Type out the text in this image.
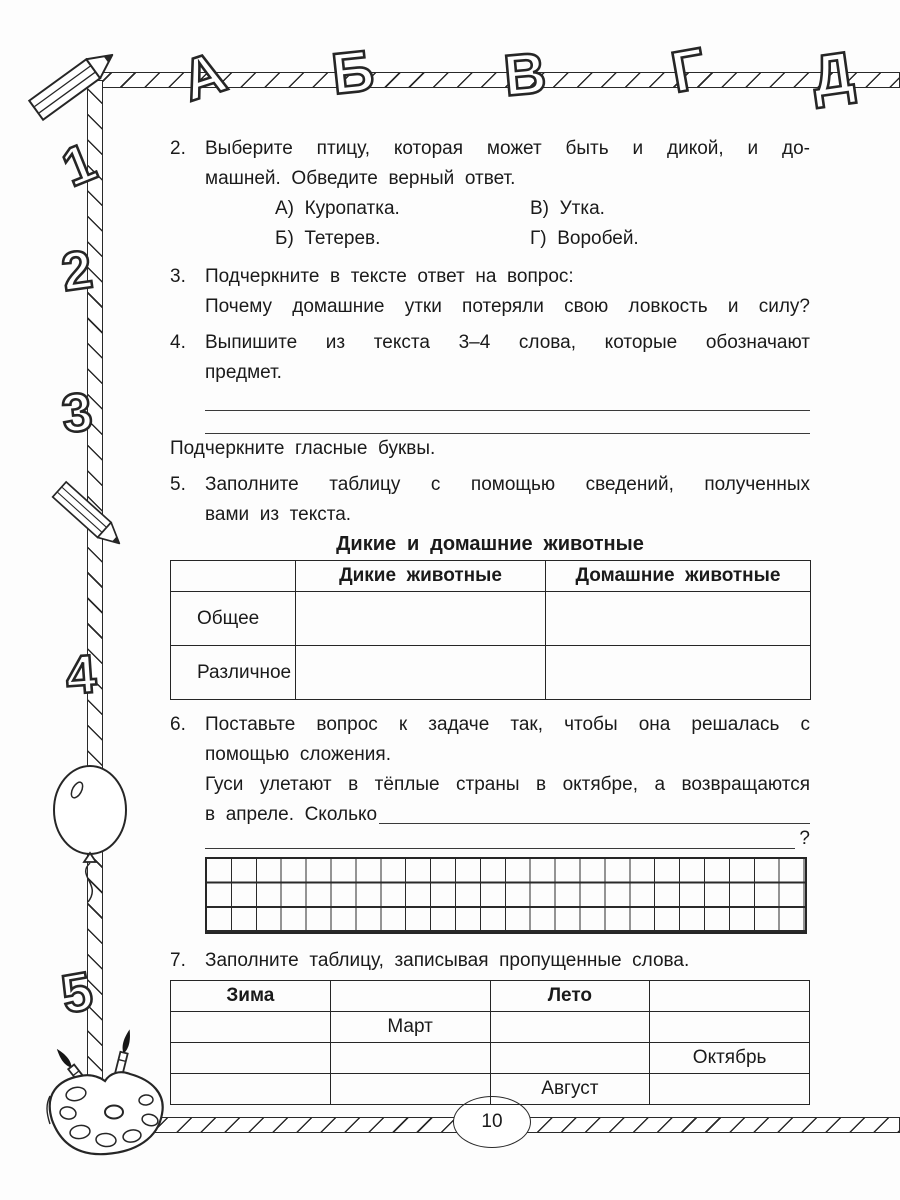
А Б В Г Д
1
2
3
4
5
10
2.	Выберите птицу, которая может быть и дикой, и до-
машней. Обведите верный ответ.
А) Куропатка.	В) Утка.
Б) Тетерев.	Г) Воробей.
3.	Подчеркните в тексте ответ на вопрос:
Почему домашние утки потеряли свою ловкость и силу?
4.	Выпишите из текста 3–4 слова, которые обозначают
предмет.
Подчеркните гласные буквы.
5.	Заполните таблицу с помощью сведений, полученных
вами из текста.
Дикие и домашние животные
	Дикие животные	Домашние животные
Общее		
Различное		
6.	Поставьте вопрос к задаче так, чтобы она решалась с
помощью сложения.
Гуси улетают в тёплые страны в октябре, а возвращаются
в апреле. Сколько
?
7.	Заполните таблицу, записывая пропущенные слова.
Зима		Лето	
	Март		
			Октябрь
		Август	
